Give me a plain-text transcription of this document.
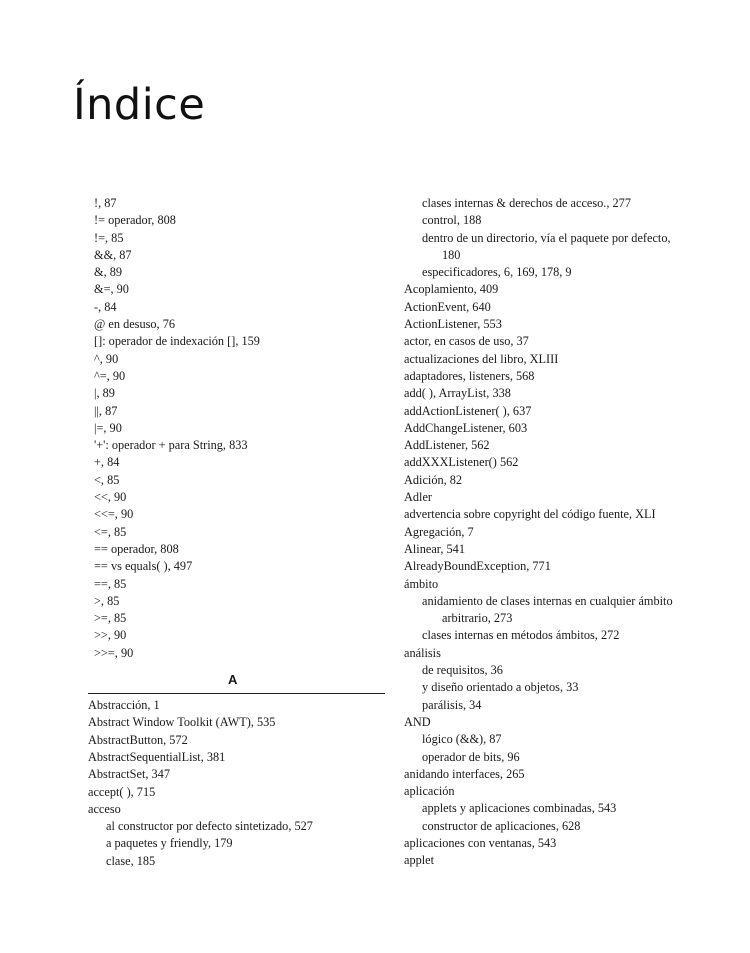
Índice
!, 87
!= operador, 808
!=, 85
&&, 87
&, 89
&=, 90
-, 84
@ en desuso, 76
[]: operador de indexación [], 159
^, 90
^=, 90
|, 89
||, 87
|=, 90
'+': operador + para String, 833
+, 84
<, 85
<<, 90
<<=, 90
<=, 85
== operador, 808
== vs equals( ), 497
==, 85
>, 85
>=, 85
>>, 90
>>=, 90
A
Abstracción, 1
Abstract Window Toolkit (AWT), 535
AbstractButton, 572
AbstractSequentialList, 381
AbstractSet, 347
accept( ), 715
acceso
al constructor por defecto sintetizado, 527
a paquetes y friendly, 179
clase, 185
clases internas & derechos de acceso., 277
control, 188
dentro de un directorio, vía el paquete por defecto,
180
especificadores, 6, 169, 178, 9
Acoplamiento, 409
ActionEvent, 640
ActionListener, 553
actor, en casos de uso, 37
actualizaciones del libro, XLIII
adaptadores, listeners, 568
add( ), ArrayList, 338
addActionListener( ), 637
AddChangeListener, 603
AddListener, 562
addXXXListener() 562
Adición, 82
Adler
advertencia sobre copyright del código fuente, XLI
Agregación, 7
Alinear, 541
AlreadyBoundException, 771
ámbito
anidamiento de clases internas en cualquier ámbito
arbitrario, 273
clases internas en métodos ámbitos, 272
análisis
de requisitos, 36
y diseño orientado a objetos, 33
parálisis, 34
AND
lógico (&&), 87
operador de bits, 96
anidando interfaces, 265
aplicación
applets y aplicaciones combinadas, 543
constructor de aplicaciones, 628
aplicaciones con ventanas, 543
applet
